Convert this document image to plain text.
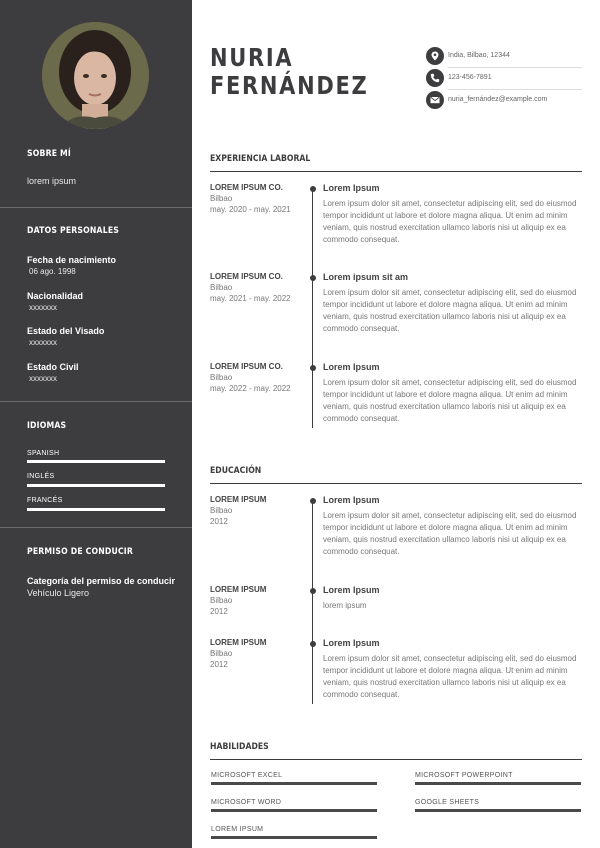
SOBRE MÍ
lorem ipsum
DATOS PERSONALES
Fecha de nacimiento
06 ago. 1998
Nacionalidad
xxxxxxx
Estado del Visado
xxxxxxx
Estado Civil
xxxxxxx
IDIOMAS
SPANISH
INGLÉS
FRANCÉS
PERMISO DE CONDUCIR
Categoría del permiso de conducir
Vehículo Ligero
NURIA
FERNÁNDEZ
India, Bilbao, 12344
123-456-7891
nuria_fernández@example.com
EXPERIENCIA LABORAL
LOREM IPSUM CO.
Bilbao
may. 2020 - may. 2021
Lorem Ipsum
Lorem ipsum dolor sit amet, consectetur adipiscing elit, sed do eiusmod tempor incididunt ut labore et dolore magna aliqua. Ut enim ad minim veniam, quis nostrud exercitation ullamco laboris nisi ut aliquip ex ea commodo consequat.
LOREM IPSUM CO.
Bilbao
may. 2021 - may. 2022
Lorem ipsum sit am
Lorem ipsum dolor sit amet, consectetur adipiscing elit, sed do eiusmod tempor incididunt ut labore et dolore magna aliqua. Ut enim ad minim veniam, quis nostrud exercitation ullamco laboris nisi ut aliquip ex ea commodo consequat.
LOREM IPSUM CO.
Bilbao
may. 2022 - may. 2022
Lorem Ipsum
Lorem ipsum dolor sit amet, consectetur adipiscing elit, sed do eiusmod tempor incididunt ut labore et dolore magna aliqua. Ut enim ad minim veniam, quis nostrud exercitation ullamco laboris nisi ut aliquip ex ea commodo consequat.
EDUCACIÓN
LOREM IPSUM
Bilbao
2012
Lorem Ipsum
Lorem ipsum dolor sit amet, consectetur adipiscing elit, sed do eiusmod tempor incididunt ut labore et dolore magna aliqua. Ut enim ad minim veniam, quis nostrud exercitation ullamco laboris nisi ut aliquip ex ea commodo consequat.
LOREM IPSUM
Bilbao
2012
Lorem Ipsum
lorem ipsum
LOREM IPSUM
Bilbao
2012
Lorem Ipsum
Lorem ipsum dolor sit amet, consectetur adipiscing elit, sed do eiusmod tempor incididunt ut labore et dolore magna aliqua. Ut enim ad minim veniam, quis nostrud exercitation ullamco laboris nisi ut aliquip ex ea commodo consequat.
HABILIDADES
MICROSOFT EXCEL	MICROSOFT POWERPOINT
MICROSOFT WORD	GOOGLE SHEETS
LOREM IPSUM
